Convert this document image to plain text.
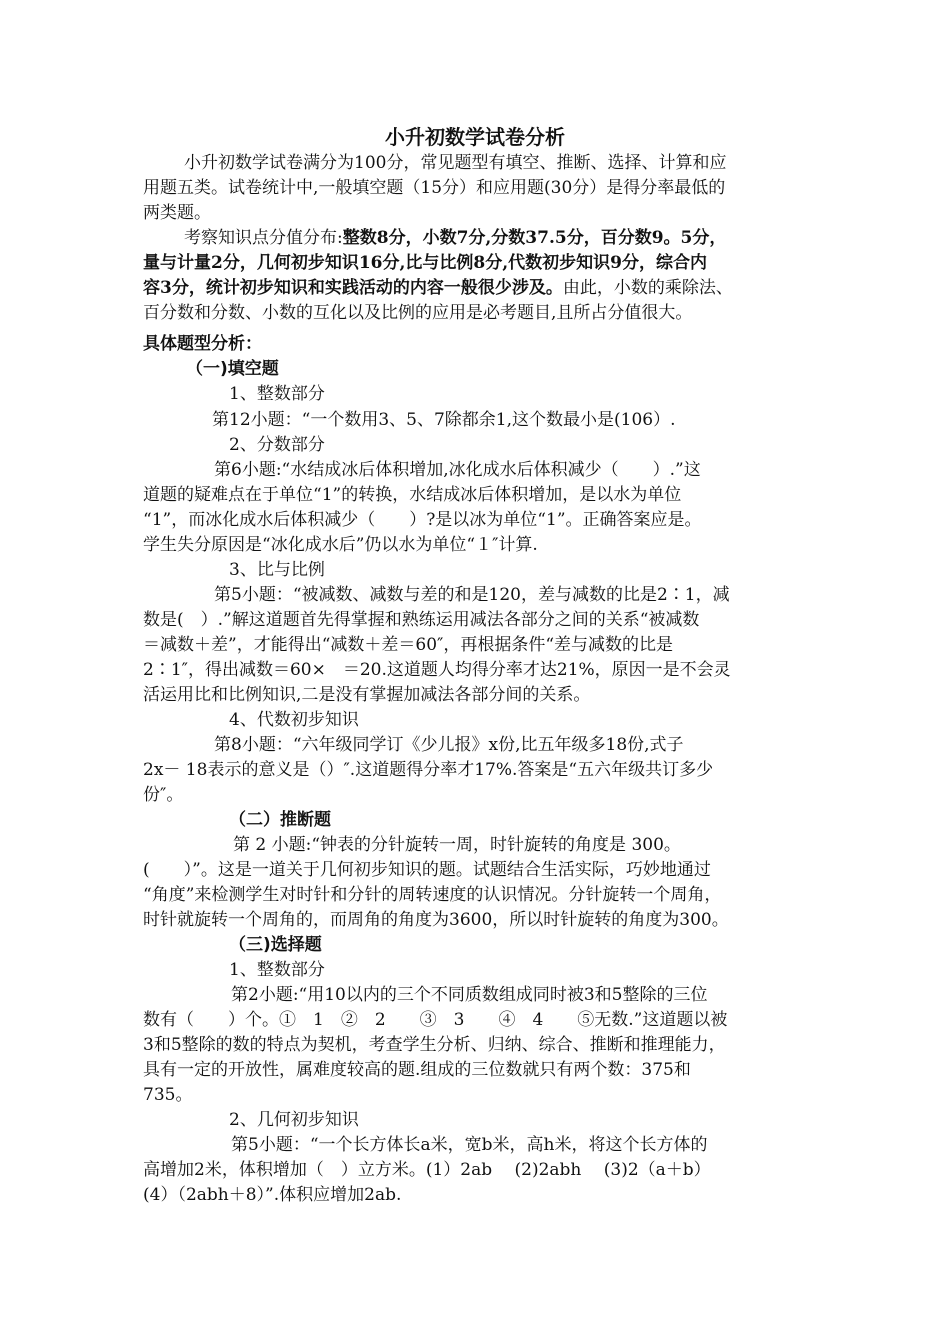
小升初数学试卷分析
小升初数学试卷满分为100分，常见题型有填空、推断、选择、计算和应
用题五类。试卷统计中,一般填空题（15分）和应用题(30分）是得分率最低的
两类题。
考察知识点分值分布:整数8分，小数7分,分数37.5分，百分数9。5分，
量与计量2分，几何初步知识16分,比与比例8分,代数初步知识9分，综合内
容3分，统计初步知识和实践活动的内容一般很少涉及。由此，小数的乘除法、
百分数和分数、小数的互化以及比例的应用是必考题目,且所占分值很大。
具体题型分析：
（一)填空题
1、整数部分
第12小题：“一个数用3、5、7除都余1,这个数最小是(106）.
2、分数部分
第6小题:“水结成冰后体积增加,冰化成水后体积减少（　　）.”这
道题的疑难点在于单位“1”的转换，水结成冰后体积增加，是以水为单位
“1”，而冰化成水后体积减少（　　）?是以冰为单位“1”。正确答案应是。
学生失分原因是“冰化成水后”仍以水为单位“１″计算.
3、比与比例
第5小题：“被减数、减数与差的和是120，差与减数的比是2∶1，减
数是(　）.”解这道题首先得掌握和熟练运用减法各部分之间的关系“被减数
＝减数＋差”，才能得出“减数＋差＝60″，再根据条件“差与减数的比是
2∶1″，得出减数＝60×　＝20.这道题人均得分率才达21%，原因一是不会灵
活运用比和比例知识,二是没有掌握加减法各部分间的关系。
4、代数初步知识
第8小题：“六年级同学订《少儿报》x份,比五年级多18份,式子
2x－ 18表示的意义是（）″.这道题得分率才17%.答案是“五六年级共订多少
份″。
（二）推断题
第 2 小题:“钟表的分针旋转一周，时针旋转的角度是 300。
(　　）”。这是一道关于几何初步知识的题。试题结合生活实际，巧妙地通过
“角度”来检测学生对时针和分针的周转速度的认识情况。分针旋转一个周角，
时针就旋转一个周角的，而周角的角度为3600，所以时针旋转的角度为300。
（三)选择题
1、整数部分
第2小题:“用10以内的三个不同质数组成同时被3和5整除的三位
数有（　　）个。①　1　②　2　　③　3　　④　4　　⑤无数.”这道题以被
3和5整除的数的特点为契机，考查学生分析、归纳、综合、推断和推理能力，
具有一定的开放性，属难度较高的题.组成的三位数就只有两个数：375和
735。
2、几何初步知识
第5小题：“一个长方体长a米，宽b米，高h米，将这个长方体的
高增加2米，体积增加（　）立方米。(1）2ab　 (2)2abh　 (3)2（a＋b）
(4）（2abh＋8）”.体积应增加2ab.
